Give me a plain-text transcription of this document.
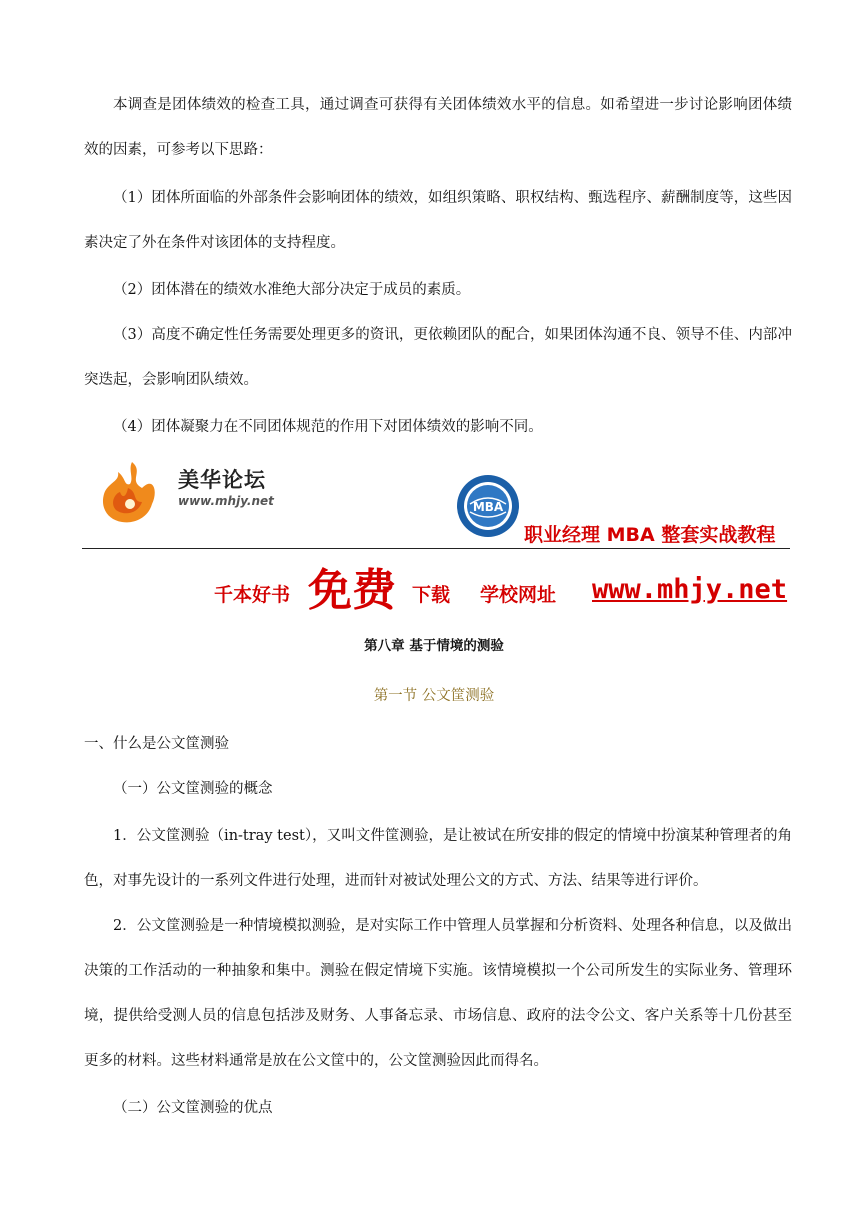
本调查是团体绩效的检查工具，通过调查可获得有关团体绩效水平的信息。如希望进一步讨论影响团体绩效的因素，可参考以下思路：

（1）团体所面临的外部条件会影响团体的绩效，如组织策略、职权结构、甄选程序、薪酬制度等，这些因素决定了外在条件对该团体的支持程度。

（2）团体潜在的绩效水准绝大部分决定于成员的素质。

（3）高度不确定性任务需要处理更多的资讯，更依赖团队的配合，如果团体沟通不良、领导不佳、内部冲突迭起，会影响团队绩效。

（4）团体凝聚力在不同团体规范的作用下对团体绩效的影响不同。

美华论坛
www.mhjy.net	MBA
职业经理 MBA 整套实战教程
千本好书 免费 下载 学校网址 www.mhjy.net
第八章 基于情境的测验
第一节 公文筐测验

一、什么是公文筐测验

（一）公文筐测验的概念

1．公文筐测验（in-tray test），又叫文件筐测验，是让被试在所安排的假定的情境中扮演某种管理者的角色，对事先设计的一系列文件进行处理，进而针对被试处理公文的方式、方法、结果等进行评价。

2．公文筐测验是一种情境模拟测验，是对实际工作中管理人员掌握和分析资料、处理各种信息，以及做出决策的工作活动的一种抽象和集中。测验在假定情境下实施。该情境模拟一个公司所发生的实际业务、管理环境，提供给受测人员的信息包括涉及财务、人事备忘录、市场信息、政府的法令公文、客户关系等十几份甚至更多的材料。这些材料通常是放在公文筐中的，公文筐测验因此而得名。

（二）公文筐测验的优点
